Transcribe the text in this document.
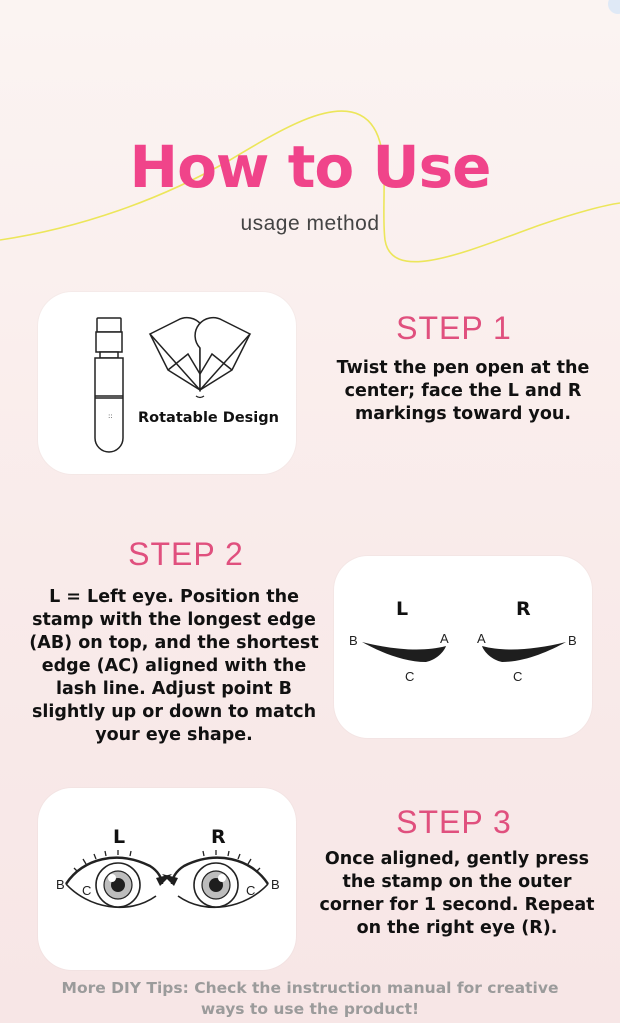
How to Use
usage method
:: Rotatable Design
STEP 1
Twist the pen open at the center; face the L and R markings toward you.
STEP 2
L = Left eye. Position the stamp with the longest edge (AB) on top, and the shortest edge (AC) aligned with the lash line. Adjust point B slightly up or down to match your eye shape.
L	R
B	A
C
A	B
C
L	R
B C	C B
STEP 3
Once aligned, gently press the stamp on the outer corner for 1 second. Repeat on the right eye (R).
More DIY Tips: Check the instruction manual for creative ways to use the product!
